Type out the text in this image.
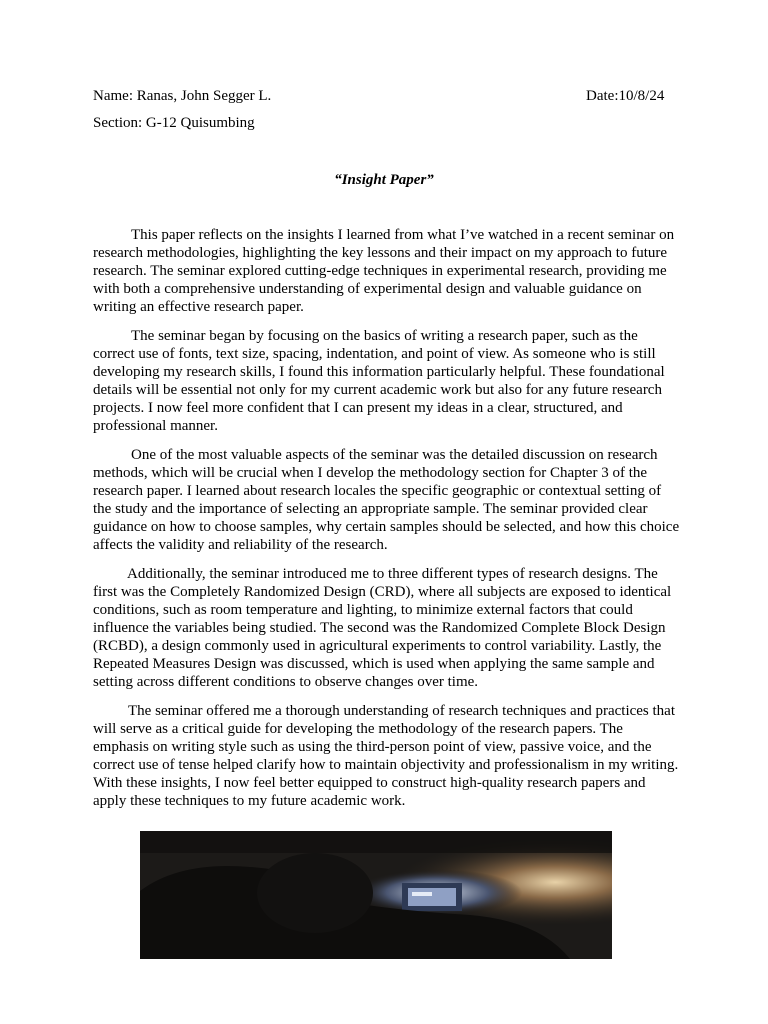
Name: Ranas, John Segger L.	Date:10/8/24
Section: G-12 Quisumbing
“Insight Paper”

This paper reflects on the insights I learned from what I’ve watched in a recent seminar on research methodologies, highlighting the key lessons and their impact on my approach to future research. The seminar explored cutting-edge techniques in experimental research, providing me with both a comprehensive understanding of experimental design and valuable guidance on writing an effective research paper.

The seminar began by focusing on the basics of writing a research paper, such as the correct use of fonts, text size, spacing, indentation, and point of view. As someone who is still developing my research skills, I found this information particularly helpful. These foundational details will be essential not only for my current academic work but also for any future research projects. I now feel more confident that I can present my ideas in a clear, structured, and professional manner.

One of the most valuable aspects of the seminar was the detailed discussion on research methods, which will be crucial when I develop the methodology section for Chapter 3 of the research paper. I learned about research locales the specific geographic or contextual setting of the study and the importance of selecting an appropriate sample. The seminar provided clear guidance on how to choose samples, why certain samples should be selected, and how this choice affects the validity and reliability of the research.

Additionally, the seminar introduced me to three different types of research designs. The first was the Completely Randomized Design (CRD), where all subjects are exposed to identical conditions, such as room temperature and lighting, to minimize external factors that could influence the variables being studied. The second was the Randomized Complete Block Design (RCBD), a design commonly used in agricultural experiments to control variability. Lastly, the Repeated Measures Design was discussed, which is used when applying the same sample and setting across different conditions to observe changes over time.

The seminar offered me a thorough understanding of research techniques and practices that will serve as a critical guide for developing the methodology of the research papers. The emphasis on writing style such as using the third-person point of view, passive voice, and the correct use of tense helped clarify how to maintain objectivity and professionalism in my writing. With these insights, I now feel better equipped to construct high-quality research papers and apply these techniques to my future academic work.
